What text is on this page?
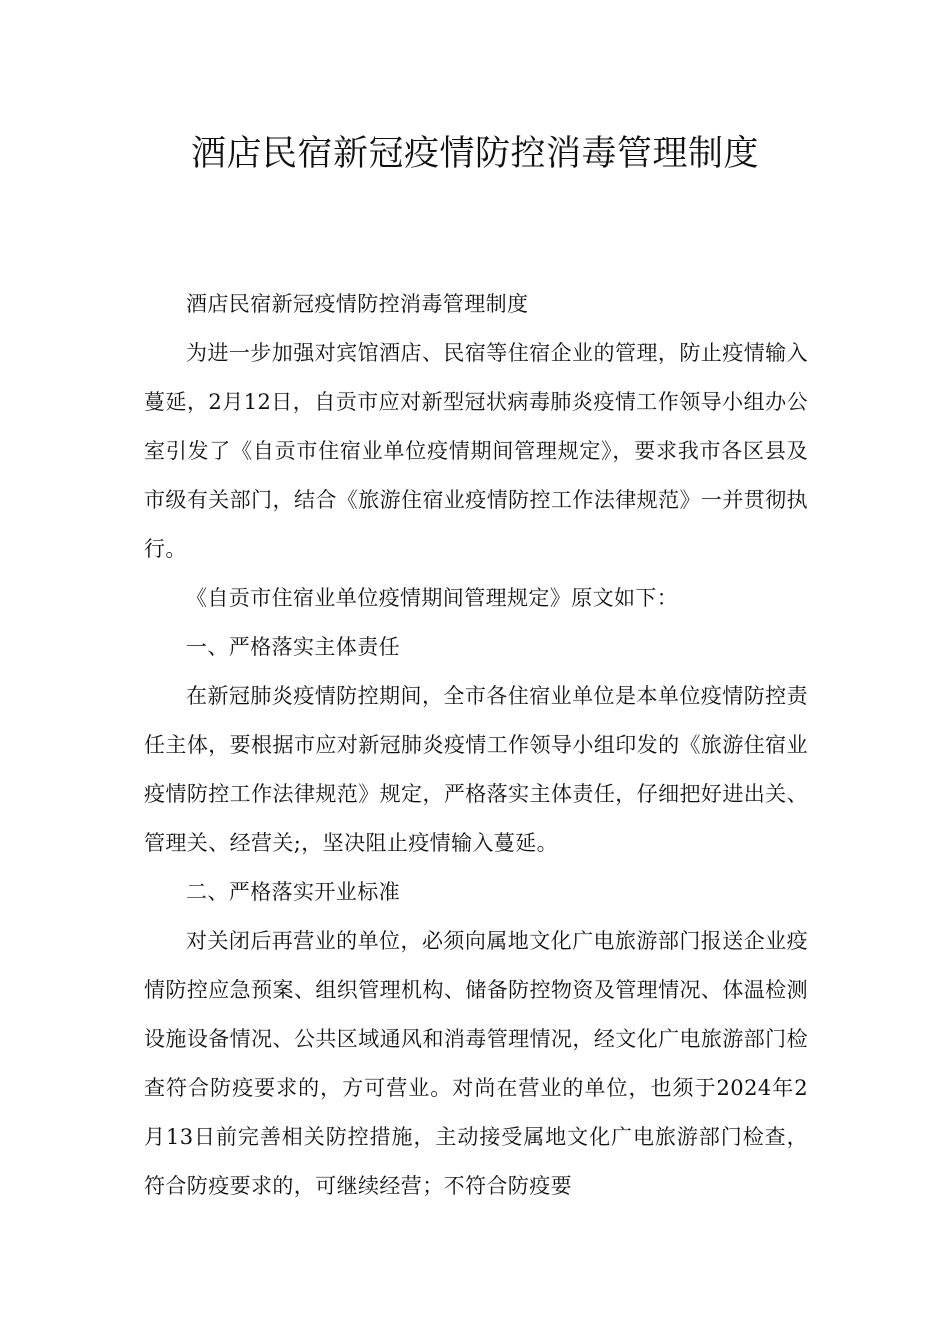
酒店民宿新冠疫情防控消毒管理制度

酒店民宿新冠疫情防控消毒管理制度

为进一步加强对宾馆酒店、民宿等住宿企业的管理，防止疫情输入蔓延，2月12日，自贡市应对新型冠状病毒肺炎疫情工作领导小组办公室引发了《自贡市住宿业单位疫情期间管理规定》，要求我市各区县及市级有关部门，结合《旅游住宿业疫情防控工作法律规范》一并贯彻执行。

《自贡市住宿业单位疫情期间管理规定》原文如下：

一、严格落实主体责任

在新冠肺炎疫情防控期间，全市各住宿业单位是本单位疫情防控责任主体，要根据市应对新冠肺炎疫情工作领导小组印发的《旅游住宿业疫情防控工作法律规范》规定，严格落实主体责任，仔细把好进出关、管理关、经营关;，坚决阻止疫情输入蔓延。

二、严格落实开业标准

对关闭后再营业的单位，必须向属地文化广电旅游部门报送企业疫情防控应急预案、组织管理机构、储备防控物资及管理情况、体温检测设施设备情况、公共区域通风和消毒管理情况，经文化广电旅游部门检查符合防疫要求的，方可营业。对尚在营业的单位，也须于2024年2月13日前完善相关防控措施，主动接受属地文化广电旅游部门检查，符合防疫要求的，可继续经营；不符合防疫要
